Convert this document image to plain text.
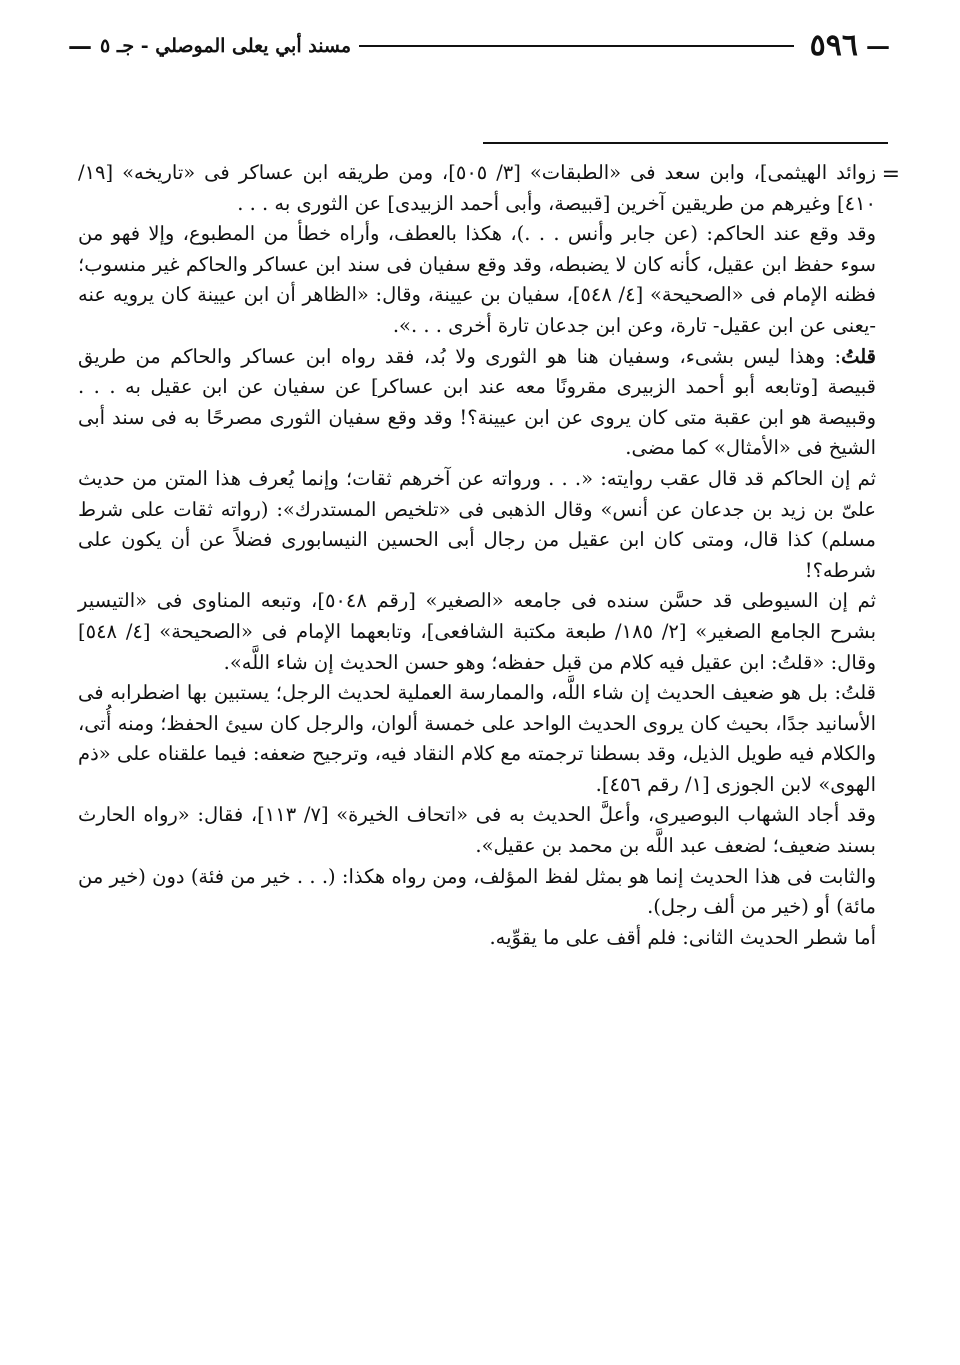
—
٥٩٦
مسند أبي يعلى الموصلي - جـ ٥
—
=

زوائد الهيثمى]، وابن سعد فى «الطبقات» [٣/ ٥٠٥]، ومن طريقه ابن عساكر فى «تاريخه» [١٩/ ٤١٠] وغيرهم من طريقين آخرين [قبيصة، وأبى أحمد الزبيدى] عن الثورى به . . .

وقد وقع عند الحاكم: (عن جابر وأنس . . .)، هكذا بالعطف، وأراه خطأ من المطبوع، وإلا فهو من سوء حفظ ابن عقيل، كأنه كان لا يضبطه، وقد وقع سفيان فى سند ابن عساكر والحاكم غير منسوب؛ فظنه الإمام فى «الصحيحة» [٤/ ٥٤٨]، سفيان بن عيينة، وقال: «الظاهر أن ابن عيينة كان يرويه عنه -يعنى عن ابن عقيل- تارة، وعن ابن جدعان تارة أخرى . . .».

قلتُ: وهذا ليس بشىء، وسفيان هنا هو الثورى ولا بُد، فقد رواه ابن عساكر والحاكم من طريق قبيصة [وتابعه أبو أحمد الزبيرى مقرونًا معه عند ابن عساكر] عن سفيان عن ابن عقيل به . . . وقبيصة هو ابن عقبة متى كان يروى عن ابن عيينة؟! وقد وقع سفيان الثورى مصرحًا به فى سند أبى الشيخ فى «الأمثال» كما مضى.

ثم إن الحاكم قد قال عقب روايته: «. . . ورواته عن آخرهم ثقات؛ وإنما يُعرف هذا المتن من حديث علىّ بن زيد بن جدعان عن أنس» وقال الذهبى فى «تلخيص المستدرك»: (رواته ثقات على شرط مسلم) كذا قال، ومتى كان ابن عقيل من رجال أبى الحسين النيسابورى فضلاً عن أن يكون على شرطه؟!

ثم إن السيوطى قد حسَّن سنده فى جامعه «الصغير» [رقم ٥٠٤٨]، وتبعه المناوى فى «التيسير بشرح الجامع الصغير» [٢/ ١٨٥/ طبعة مكتبة الشافعى]، وتابعهما الإمام فى «الصحيحة» [٤/ ٥٤٨] وقال: «قلتُ: ابن عقيل فيه كلام من قبل حفظه؛ وهو حسن الحديث إن شاء اللَّه».

قلتُ: بل هو ضعيف الحديث إن شاء اللَّه، والممارسة العملية لحديث الرجل؛ يستبين بها اضطرابه فى الأسانيد جدًا، بحيث كان يروى الحديث الواحد على خمسة ألوان، والرجل كان سيئ الحفظ؛ ومنه أُتى، والكلام فيه طويل الذيل، وقد بسطنا ترجمته مع كلام النقاد فيه، وترجيح ضعفه: فيما علقناه على «ذم الهوى» لابن الجوزى [١/ رقم ٤٥٦].

وقد أجاد الشهاب البوصيرى، وأعلَّ الحديث به فى «اتحاف الخيرة» [٧/ ١١٣]، فقال: «رواه الحارث بسند ضعيف؛ لضعف عبد اللَّه بن محمد بن عقيل».

والثابت فى هذا الحديث إنما هو بمثل لفظ المؤلف، ومن رواه هكذا: (. . . خير من فئة) دون (خير من مائة) أو (خير من ألف رجل).

أما شطر الحديث الثانى: فلم أقف على ما يقوِّيه.
